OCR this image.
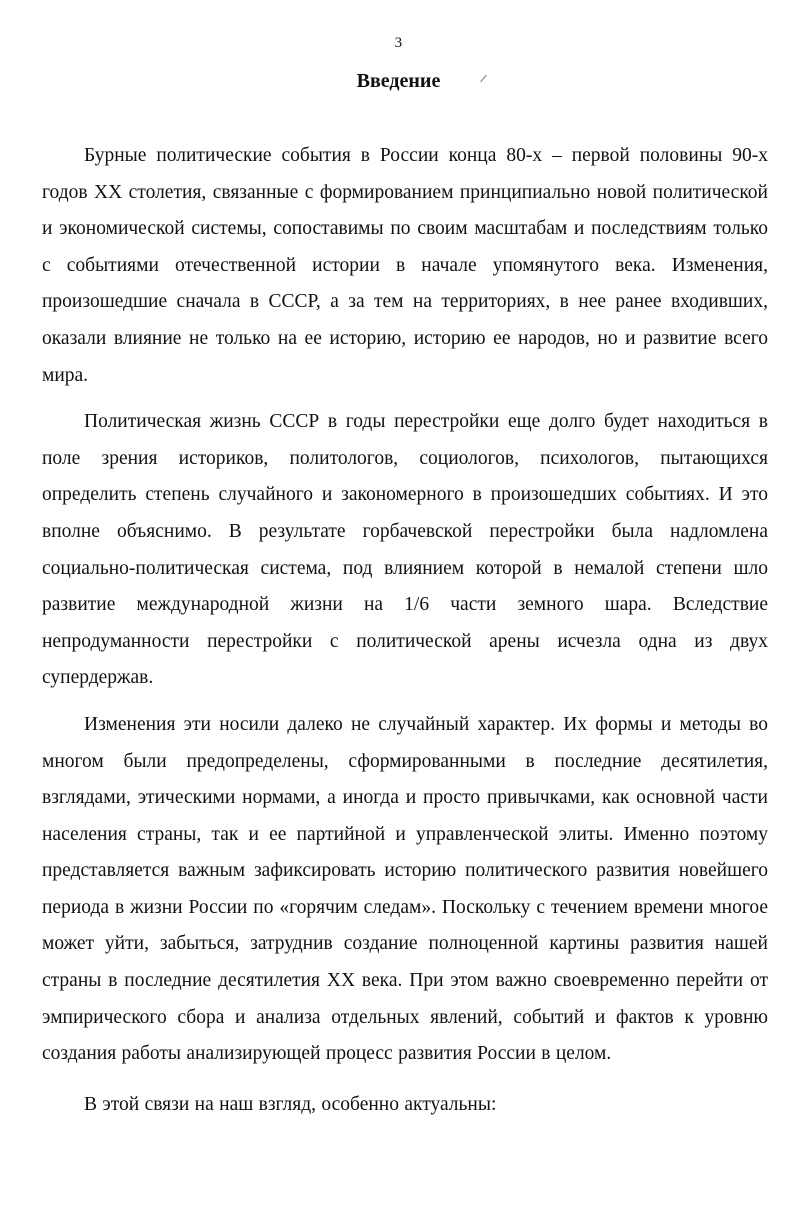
3
Введение

Бурные политические события в России конца 80-х – первой половины 90-х годов XX столетия, связанные с формированием принципиально новой политической и экономической системы, сопоставимы по своим масштабам и последствиям только с событиями отечественной истории в начале упомянутого века. Изменения, произошедшие сначала в СССР, а за тем на территориях, в нее ранее входивших, оказали влияние не только на ее историю, историю ее народов, но и развитие всего мира.

Политическая жизнь СССР в годы перестройки еще долго будет находиться в поле зрения историков, политологов, социологов, психологов, пытающихся определить степень случайного и закономерного в произошедших событиях. И это вполне объяснимо. В результате горбачевской перестройки была надломлена социально-политическая система, под влиянием которой в немалой степени шло развитие международной жизни на 1/6 части земного шара. Вследствие непродуманности перестройки с политической арены исчезла одна из двух супердержав.

Изменения эти носили далеко не случайный характер. Их формы и методы во многом были предопределены, сформированными в последние десятилетия, взглядами, этическими нормами, а иногда и просто привычками, как основной части населения страны, так и ее партийной и управленческой элиты. Именно поэтому представляется важным зафиксировать историю политического развития новейшего периода в жизни России по «горячим следам». Поскольку с течением времени многое может уйти, забыться, затруднив создание полноценной картины развития нашей страны в последние десятилетия XX века. При этом важно своевременно перейти от эмпирического сбора и анализа отдельных явлений, событий и фактов к уровню создания работы анализирующей процесс развития России в целом.

В этой связи на наш взгляд, особенно актуальны:
